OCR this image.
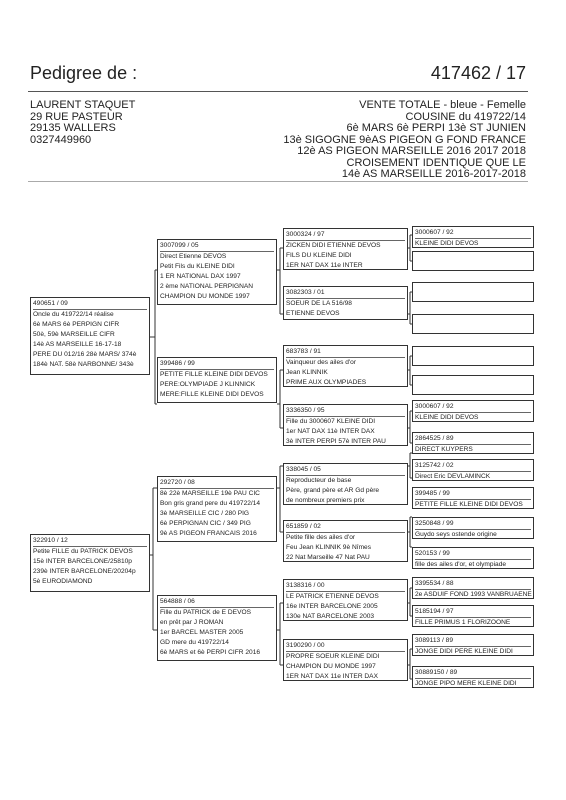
Pedigree de :	417462 / 17
LAURENT STAQUET
29 RUE PASTEUR
29135 WALLERS
0327449960
VENTE TOTALE - bleue - Femelle
COUSINE du 419722/14
6è MARS 6è PERPI 13è ST JUNIEN
13è SIGOGNE 9èAS PIGEON G FOND FRANCE
12è AS PIGEON MARSEILLE 2016 2017 2018
CROISEMENT IDENTIQUE QUE LE
14è AS MARSEILLE 2016-2017-2018
490651 / 09
Oncle du 419722/14 réalise
6è MARS 6è PERPIGN CIFR
50è, 59è MARSEILLE CIFR
14è AS MARSEILLE 16-17-18
PERE DU 012/16 28è MARS/ 374è
184è NAT. 58è NARBONNE/ 343è
322910 / 12
Petite FILLE du PATRICK DEVOS
15è INTER BARCELONE/25810p
239è INTER BARCELONE/20204p
5è EURODIAMOND
3007099 / 05
Direct Etienne DEVOS
Petit Fils du KLEINE DIDI
1 ER NATIONAL DAX 1997
2 ème NATIONAL PERPIGNAN
CHAMPION DU MONDE 1997
399486 / 99
PETITE FILLE KLEINE DIDI DEVOS
PERE:OLYMPIADE J KLINNICK
MERE:FILLE KLEINE DIDI DEVOS
292720 / 08
8è 22è MARSEILLE 19è PAU CIC
Bon gris grand pere du 419722/14
3è MARSEILLE CIC / 280 PIG
6è PERPIGNAN CIC / 349 PIG
9è AS PIGEON FRANCAIS 2016
564888 / 06
Fille du PATRICK de E DEVOS
en prêt par J ROMAN
1er BARCEL MASTER 2005
GD mere du 419722/14
6è MARS et 6è PERPI CIFR 2016
3000324 / 97
ZICKEN DIDI ETIENNE DEVOS
FILS DU KLEINE DIDI
1ER NAT DAX 11e INTER
3082303 / 01
SOEUR DE LA 516/98
ETIENNE DEVOS
683783 / 91
Vainqueur des ailes d'or
Jean KLINNIK
PRIME AUX OLYMPIADES
3336350 / 95
Fille du 3000607 KLEINE DIDI
1er NAT DAX 11è INTER DAX
3è INTER PERPI 57è INTER PAU
338045 / 05
Reproducteur de base
Père, grand père et AR Gd père
de nombreux premiers prix
651859 / 02
Petite fille des ailes d'or
Feu Jean KLINNIK 9è Nîmes
22 Nat Marseille 47 Nat PAU
3138316 / 00
LE PATRICK ETIENNE DEVOS
16e INTER BARCELONE 2005
130e NAT BARCELONE 2003
3190290 / 00
PROPRE SOEUR KLEINE DIDI
CHAMPION DU MONDE 1997
1ER NAT DAX 11e INTER DAX
3000607 / 92
KLEINE DIDI DEVOS
3000607 / 92
KLEINE DIDI DEVOS
2864525 / 89
DIRECT KUYPERS
3125742 / 02
Direct Eric DEVLAMINCK
399485 / 99
PETITE FILLE KLEINE DIDI DEVOS
3250848 / 99
Guydo seys ostende origine
520153 / 99
fille des ailes d'or, et olympiade
3395534 / 88
2e ASDUIF FOND 1993 VANBRUAENE
5185194 / 97
FILLE PRIMUS 1 FLORIZOONE
3089113 / 89
JONGE DIDI PERE KLEINE DIDI
30889150 / 89
JONGE PIPO MERE KLEINE DIDI
